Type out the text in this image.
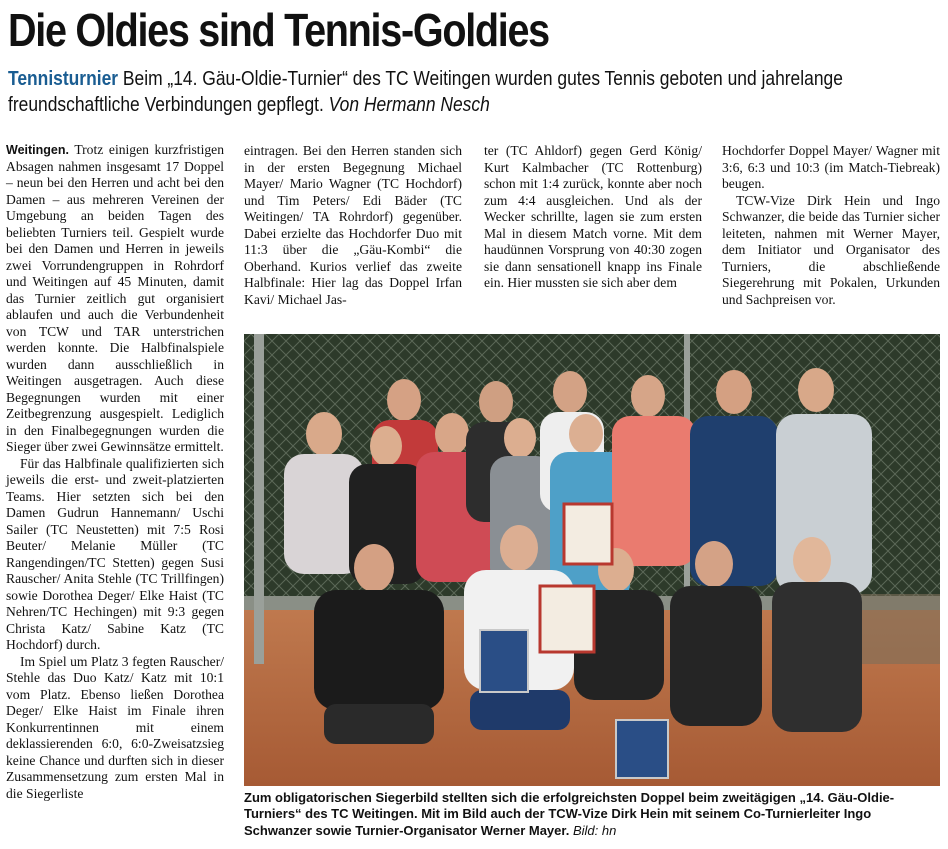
Die Oldies sind Tennis-Goldies
Tennisturnier Beim „14. Gäu-Oldie-Turnier“ des TC Weitingen wurden gutes Tennis geboten und jahrelange freundschaftliche Verbindungen gepflegt. Von Hermann Nesch

Weitingen. Trotz einigen kurzfristigen Absagen nahmen insgesamt 17 Doppel – neun bei den Herren und acht bei den Damen – aus mehreren Vereinen der Umgebung an beiden Tagen des beliebten Turniers teil. Gespielt wurde bei den Damen und Herren in jeweils zwei Vorrundengruppen in Rohrdorf und Weitingen auf 45 Minuten, damit das Turnier zeitlich gut organisiert ablaufen und auch die Verbundenheit von TCW und TAR unterstrichen werden konnte. Die Halbfinalspiele wurden dann ausschließlich in Weitingen ausgetragen. Auch diese Begegnungen wurden mit einer Zeitbegrenzung ausgespielt. Lediglich in den Finalbegegnungen wurden die Sieger über zwei Gewinnsätze ermittelt.

Für das Halbfinale qualifizierten sich jeweils die erst- und zweit-platzierten Teams. Hier setzten sich bei den Damen Gudrun Hannemann/ Uschi Sailer (TC Neustetten) mit 7:5 Rosi Beuter/ Melanie Müller (TC Rangendingen/TC Stetten) gegen Susi Rauscher/ Anita Stehle (TC Trillfingen) sowie Dorothea Deger/ Elke Haist (TC Nehren/TC Hechingen) mit 9:3 gegen Christa Katz/ Sabine Katz (TC Hochdorf) durch.

Im Spiel um Platz 3 fegten Rauscher/ Stehle das Duo Katz/ Katz mit 10:1 vom Platz. Ebenso ließen Dorothea Deger/ Elke Haist im Finale ihren Konkurrentinnen mit einem deklassierenden 6:0, 6:0-Zweisatzsieg keine Chance und durften sich in dieser Zusammensetzung zum ersten Mal in die Siegerliste

eintragen. Bei den Herren standen sich in der ersten Begegnung Michael Mayer/ Mario Wagner (TC Hochdorf) und Tim Peters/ Edi Bäder (TC Weitingen/ TA Rohrdorf) gegenüber. Dabei erzielte das Hochdorfer Duo mit 11:3 über die „Gäu-Kombi“ die Oberhand. Kurios verlief das zweite Halbfinale: Hier lag das Doppel Irfan Kavi/ Michael Jas-

ter (TC Ahldorf) gegen Gerd König/ Kurt Kalmbacher (TC Rottenburg) schon mit 1:4 zurück, konnte aber noch zum 4:4 ausgleichen. Und als der Wecker schrillte, lagen sie zum ersten Mal in diesem Match vorne. Mit dem haudünnen Vorsprung von 40:30 zogen sie dann sensationell knapp ins Finale ein. Hier mussten sie sich aber dem

Hochdorfer Doppel Mayer/ Wagner mit 3:6, 6:3 und 10:3 (im Match-Tiebreak) beugen.

TCW-Vize Dirk Hein und Ingo Schwanzer, die beide das Turnier sicher leiteten, nahmen mit Werner Mayer, dem Initiator und Organisator des Turniers, die abschließende Siegerehrung mit Pokalen, Urkunden und Sachpreisen vor.

Zum obligatorischen Siegerbild stellten sich die erfolgreichsten Doppel beim zweitägigen „14. Gäu-Oldie-Turniers“ des TC Weitingen. Mit im Bild auch der TCW-Vize Dirk Hein mit seinem Co-Turnierleiter Ingo Schwanzer sowie Turnier-Organisator Werner Mayer. Bild: hn
